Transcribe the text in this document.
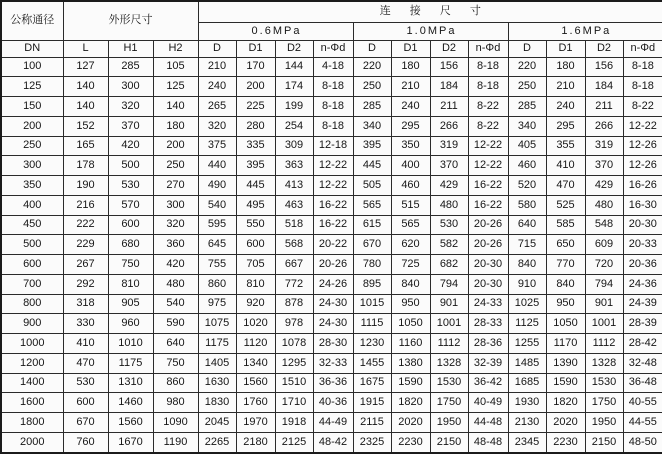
公称通径	外形尺寸			连 接 尺 寸											
				0.6MPa				1.0MPa				1.6MPa			
DN	L	H1	H2	D	D1	D2	n-Φd	D	D1	D2	n-Φd	D	D1	D2	n-Φd
100	127	285	105	210	170	144	4-18	220	180	156	8-18	220	180	156	8-18
125	140	300	125	240	200	174	8-18	250	210	184	8-18	250	210	184	8-18
150	140	320	140	265	225	199	8-18	285	240	211	8-22	285	240	211	8-22
200	152	370	180	320	280	254	8-18	340	295	266	8-22	340	295	266	12-22
250	165	420	200	375	335	309	12-18	395	350	319	12-22	405	355	319	12-26
300	178	500	250	440	395	363	12-22	445	400	370	12-22	460	410	370	12-26
350	190	530	270	490	445	413	12-22	505	460	429	16-22	520	470	429	16-26
400	216	570	300	540	495	463	16-22	565	515	480	16-22	580	525	480	16-30
450	222	600	320	595	550	518	16-22	615	565	530	20-26	640	585	548	20-30
500	229	680	360	645	600	568	20-22	670	620	582	20-26	715	650	609	20-33
600	267	750	420	755	705	667	20-26	780	725	682	20-30	840	770	720	20-36
700	292	810	480	860	810	772	24-26	895	840	794	20-30	910	840	794	24-36
800	318	905	540	975	920	878	24-30	1015	950	901	24-33	1025	950	901	24-39
900	330	960	590	1075	1020	978	24-30	1115	1050	1001	28-33	1125	1050	1001	28-39
1000	410	1010	640	1175	1120	1078	28-30	1230	1160	1112	28-36	1255	1170	1112	28-42
1200	470	1175	750	1405	1340	1295	32-33	1455	1380	1328	32-39	1485	1390	1328	32-48
1400	530	1310	860	1630	1560	1510	36-36	1675	1590	1530	36-42	1685	1590	1530	36-48
1600	600	1460	980	1830	1760	1710	40-36	1915	1820	1750	40-49	1930	1820	1750	40-55
1800	670	1560	1090	2045	1970	1918	44-49	2115	2020	1950	44-48	2130	2020	1950	44-55
2000	760	1670	1190	2265	2180	2125	48-42	2325	2230	2150	48-48	2345	2230	2150	48-50
